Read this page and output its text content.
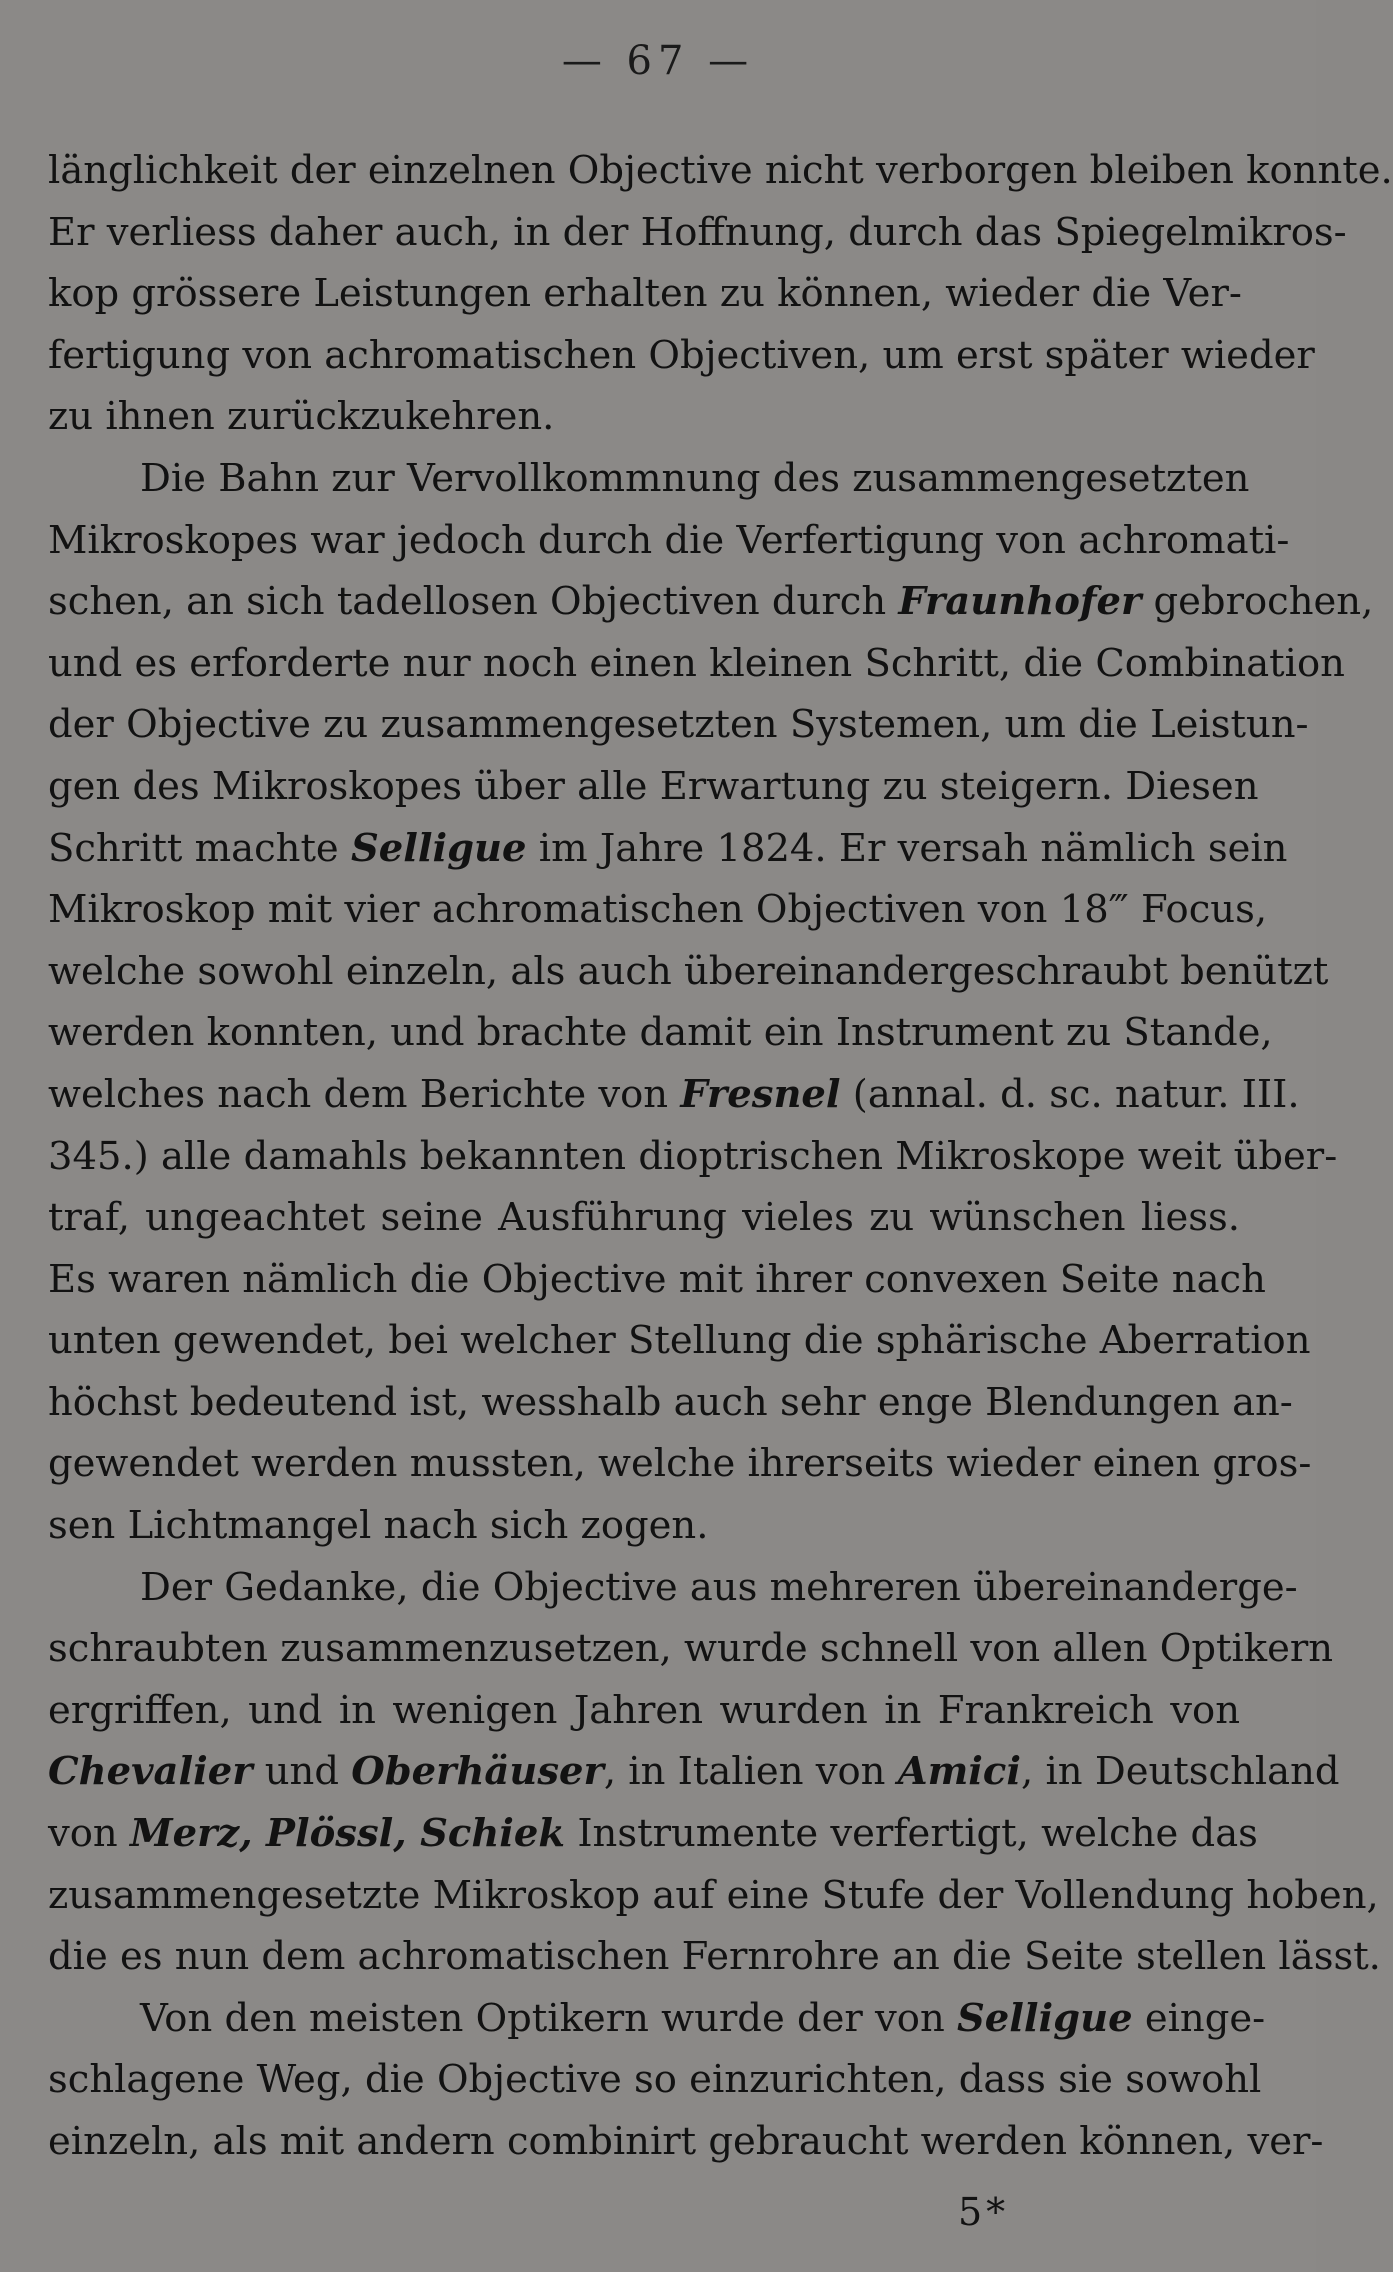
— 67 —
länglichkeit der einzelnen Objective nicht verborgen bleiben konnte.
Er verliess daher auch, in der Hoffnung, durch das Spiegelmikros-
kop grössere Leistungen erhalten zu können, wieder die Ver-
fertigung von achromatischen Objectiven, um erst später wieder
zu ihnen zurückzukehren.
Die Bahn zur Vervollkommnung des zusammengesetzten
Mikroskopes war jedoch durch die Verfertigung von achromati-
schen, an sich tadellosen Objectiven durch Fraunhofer gebrochen,
und es erforderte nur noch einen kleinen Schritt, die Combination
der Objective zu zusammengesetzten Systemen, um die Leistun-
gen des Mikroskopes über alle Erwartung zu steigern. Diesen
Schritt machte Selligue im Jahre 1824. Er versah nämlich sein
Mikroskop mit vier achromatischen Objectiven von 18‴ Focus,
welche sowohl einzeln, als auch übereinandergeschraubt benützt
werden konnten, und brachte damit ein Instrument zu Stande,
welches nach dem Berichte von Fresnel (annal. d. sc. natur. III.
345.) alle damahls bekannten dioptrischen Mikroskope weit über-
traf, ungeachtet seine Ausführung vieles zu wünschen liess.
Es waren nämlich die Objective mit ihrer convexen Seite nach
unten gewendet, bei welcher Stellung die sphärische Aberration
höchst bedeutend ist, wesshalb auch sehr enge Blendungen an-
gewendet werden mussten, welche ihrerseits wieder einen gros-
sen Lichtmangel nach sich zogen.
Der Gedanke, die Objective aus mehreren übereinanderge-
schraubten zusammenzusetzen, wurde schnell von allen Optikern
ergriffen, und in wenigen Jahren wurden in Frankreich von
Chevalier und Oberhäuser, in Italien von Amici, in Deutschland
von Merz, Plössl, Schiek Instrumente verfertigt, welche das
zusammengesetzte Mikroskop auf eine Stufe der Vollendung hoben,
die es nun dem achromatischen Fernrohre an die Seite stellen lässt.
Von den meisten Optikern wurde der von Selligue einge-
schlagene Weg, die Objective so einzurichten, dass sie sowohl
einzeln, als mit andern combinirt gebraucht werden können, ver-
5*
